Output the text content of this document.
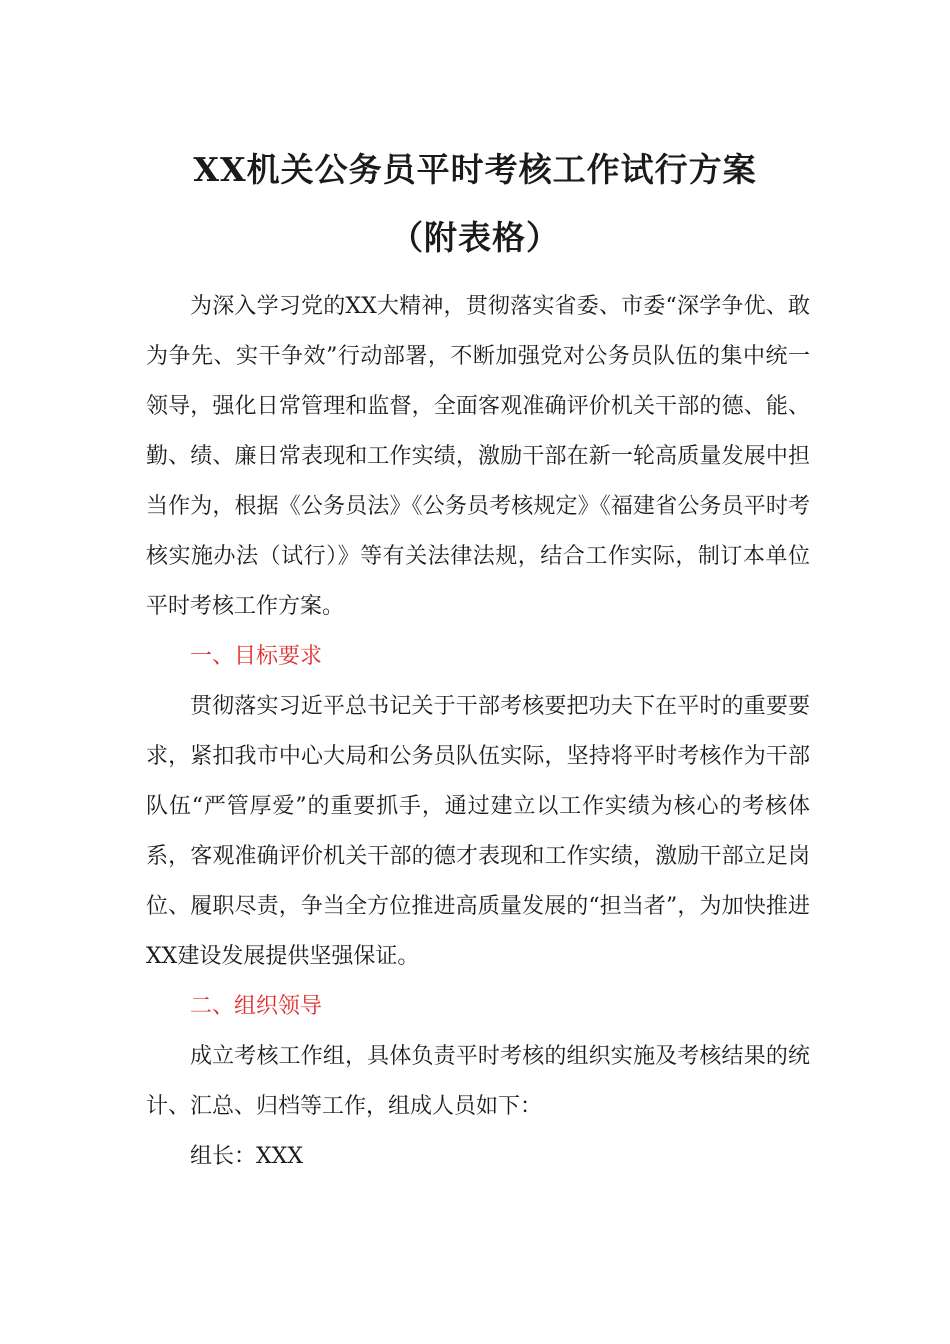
XX机关公务员平时考核工作试行方案
（附表格）

为深入学习党的XX大精神，贯彻落实省委、市委“深学争优、敢为争先、实干争效”行动部署，不断加强党对公务员队伍的集中统一领导，强化日常管理和监督，全面客观准确评价机关干部的德、能、勤、绩、廉日常表现和工作实绩，激励干部在新一轮高质量发展中担当作为，根据《公务员法》《公务员考核规定》《福建省公务员平时考核实施办法（试行）》等有关法律法规，结合工作实际，制订本单位平时考核工作方案。

一、目标要求

贯彻落实习近平总书记关于干部考核要把功夫下在平时的重要要求，紧扣我市中心大局和公务员队伍实际，坚持将平时考核作为干部队伍“严管厚爱”的重要抓手，通过建立以工作实绩为核心的考核体系，客观准确评价机关干部的德才表现和工作实绩，激励干部立足岗位、履职尽责，争当全方位推进高质量发展的“担当者”，为加快推进XX建设发展提供坚强保证。

二、组织领导

成立考核工作组，具体负责平时考核的组织实施及考核结果的统计、汇总、归档等工作，组成人员如下：

组长：XXX
